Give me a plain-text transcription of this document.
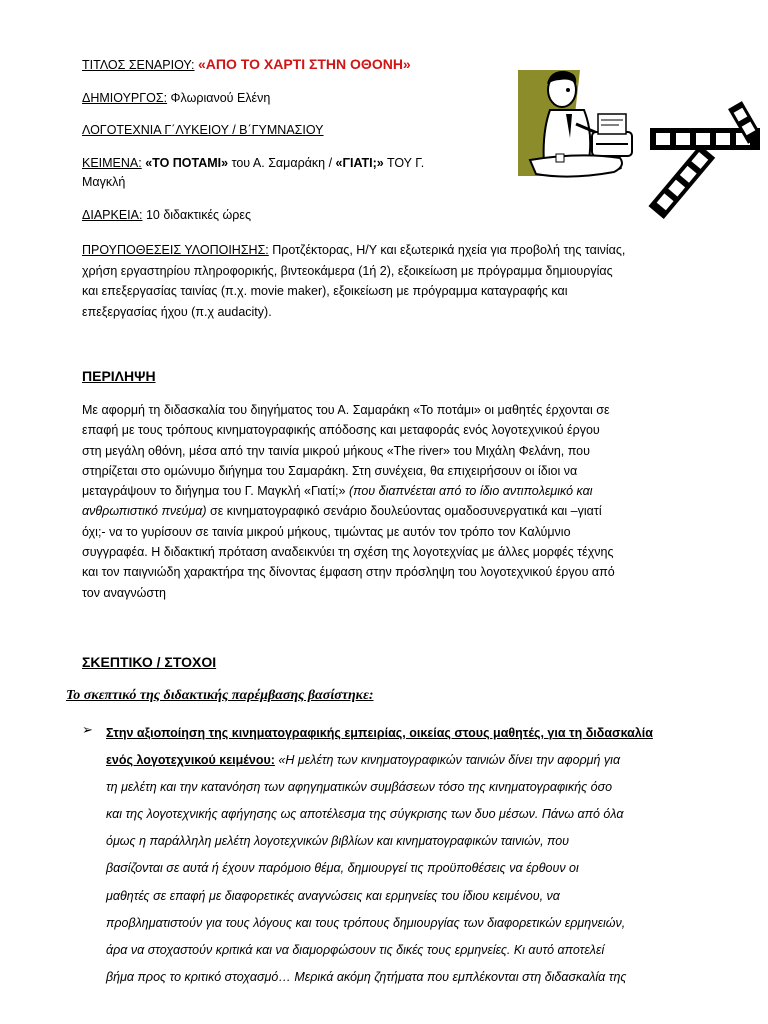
ΤΙΤΛΟΣ ΣΕΝΑΡΙΟΥ: «ΑΠΟ ΤΟ ΧΑΡΤΙ ΣΤΗΝ ΟΘΟΝΗ»

ΔΗΜΙΟΥΡΓΟΣ: Φλωριανού Ελένη

ΛΟΓΟΤΕΧΝΙΑ Γ΄ΛΥΚΕΙΟΥ / Β΄ΓΥΜΝΑΣΙΟΥ

ΚΕΙΜΕΝΑ: «ΤΟ ΠΟΤΑΜΙ» του Α. Σαμαράκη / «ΓΙΑΤΙ;» ΤΟΥ Γ.

Μαγκλή

ΔΙΑΡΚΕΙΑ: 10 διδακτικές ώρες

ΠΡΟΥΠΟΘΕΣΕΙΣ ΥΛΟΠΟΙΗΣΗΣ: Προτζέκτορας, Η/Υ και εξωτερικά ηχεία για προβολή της ταινίας,
χρήση εργαστηρίου πληροφορικής, βιντεοκάμερα (1ή 2), εξοικείωση με πρόγραμμα δημιουργίας
και επεξεργασίας ταινίας (π.χ. movie maker), εξοικείωση με πρόγραμμα καταγραφής και
επεξεργασίας ήχου (π.χ audacity).
ΠΕΡΙΛΗΨΗ
Με αφορμή τη διδασκαλία του διηγήματος του Α. Σαμαράκη «Το ποτάμι» οι μαθητές έρχονται σε
επαφή με τους τρόπους κινηματογραφικής απόδοσης και μεταφοράς ενός λογοτεχνικού έργου
στη μεγάλη οθόνη, μέσα από την ταινία μικρού μήκους «The river» του Μιχάλη Φελάνη, που
στηρίζεται στο ομώνυμο διήγημα του Σαμαράκη. Στη συνέχεια, θα επιχειρήσουν οι ίδιοι να
μεταγράψουν το διήγημα του Γ. Μαγκλή «Γιατί;» (που διαπνέεται από το ίδιο αντιπολεμικό και
ανθρωπιστικό πνεύμα) σε κινηματογραφικό σενάριο δουλεύοντας ομαδοσυνεργατικά και –γιατί
όχι;- να το γυρίσουν σε ταινία μικρού μήκους, τιμώντας με αυτόν τον τρόπο τον Καλύμνιο
συγγραφέα. Η διδακτική πρόταση αναδεικνύει τη σχέση της λογοτεχνίας με άλλες μορφές τέχνης
και τον παιγνιώδη χαρακτήρα της δίνοντας έμφαση στην πρόσληψη του λογοτεχνικού έργου από
τον αναγνώστη
ΣΚΕΠΤΙΚΟ / ΣΤΟΧΟΙ
Το σκεπτικό της διδακτικής παρέμβασης βασίστηκε:
➢ Στην αξιοποίηση της κινηματογραφικής εμπειρίας, οικείας στους μαθητές, για τη διδασκαλία
ενός λογοτεχνικού κειμένου: «Η μελέτη των κινηματογραφικών ταινιών δίνει την αφορμή για
τη μελέτη και την κατανόηση των αφηγηματικών συμβάσεων τόσο της κινηματογραφικής όσο
και της λογοτεχνικής αφήγησης ως αποτέλεσμα της σύγκρισης των δυο μέσων. Πάνω από όλα
όμως η παράλληλη μελέτη λογοτεχνικών βιβλίων και κινηματογραφικών ταινιών, που
βασίζονται σε αυτά ή έχουν παρόμοιο θέμα, δημιουργεί τις προϋποθέσεις να έρθουν οι
μαθητές σε επαφή με διαφορετικές αναγνώσεις και ερμηνείες του ίδιου κειμένου, να
προβληματιστούν για τους λόγους και τους τρόπους δημιουργίας των διαφορετικών ερμηνειών,
άρα να στοχαστούν κριτικά και να διαμορφώσουν τις δικές τους ερμηνείες. Κι αυτό αποτελεί
βήμα προς το κριτικό στοχασμό… Μερικά ακόμη ζητήματα που εμπλέκονται στη διδασκαλία της
